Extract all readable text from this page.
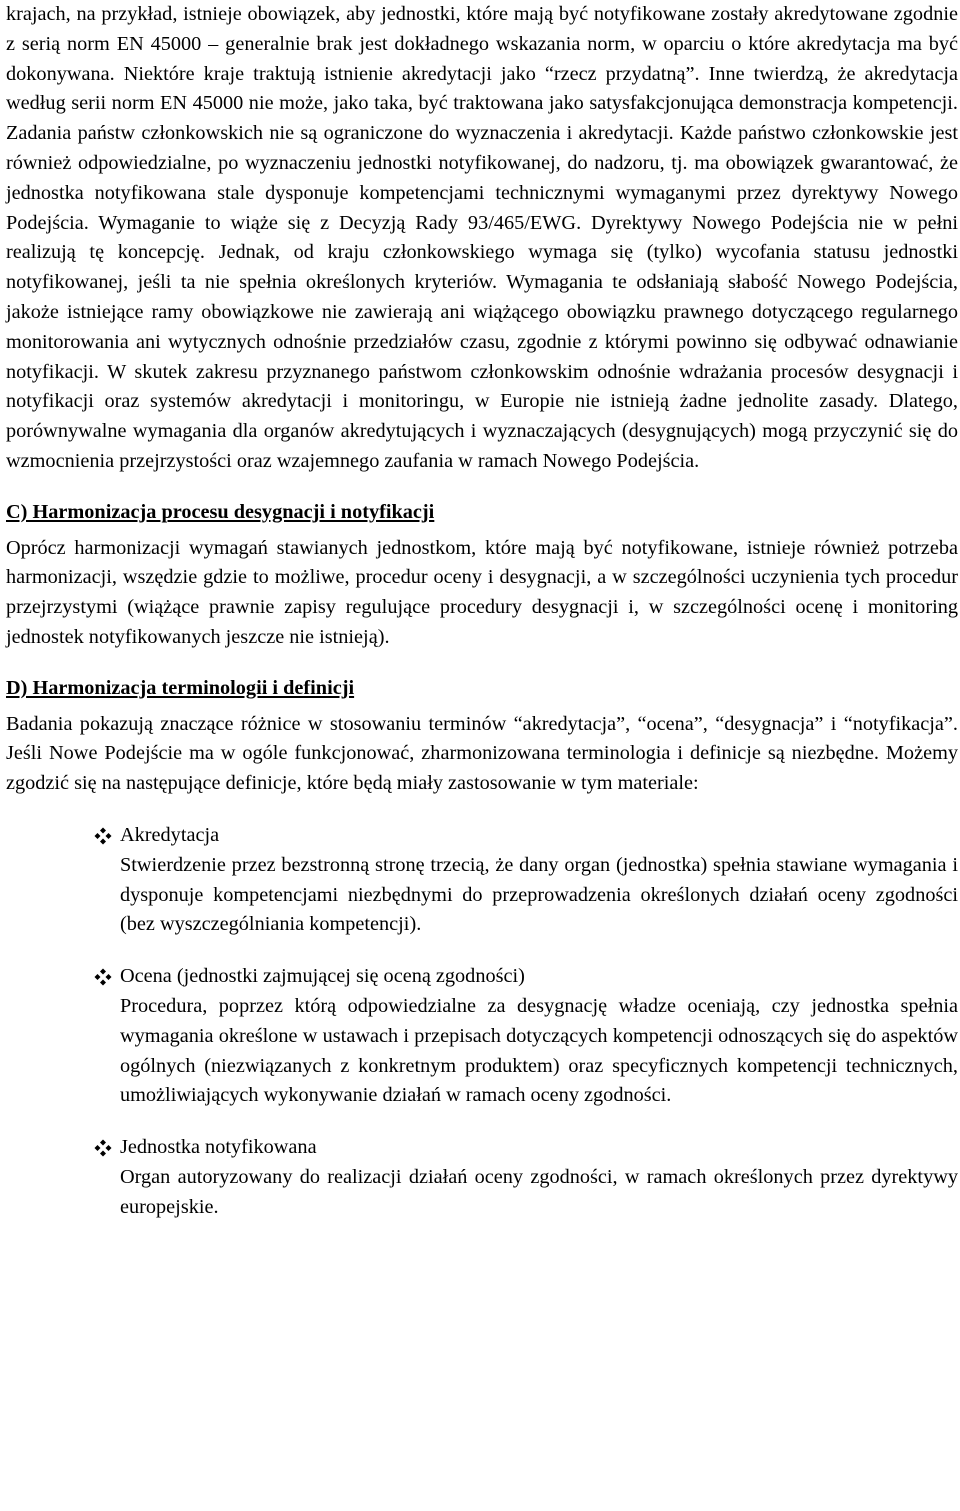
krajach, na przykład, istnieje obowiązek, aby jednostki, które mają być notyfikowane zostały akredytowane zgodnie z serią norm EN 45000 – generalnie brak jest dokładnego wskazania norm, w oparciu o które akredytacja ma być dokonywana. Niektóre kraje traktują istnienie akredytacji jako “rzecz przydatną”. Inne twierdzą, że akredytacja według serii norm EN 45000 nie może, jako taka, być traktowana jako satysfakcjonująca demonstracja kompetencji. Zadania państw członkowskich nie są ograniczone do wyznaczenia i akredytacji. Każde państwo członkowskie jest również odpowiedzialne, po wyznaczeniu jednostki notyfikowanej, do nadzoru, tj. ma obowiązek gwarantować, że jednostka notyfikowana stale dysponuje kompetencjami technicznymi wymaganymi przez dyrektywy Nowego Podejścia. Wymaganie to wiąże się z Decyzją Rady 93/465/EWG. Dyrektywy Nowego Podejścia nie w pełni realizują tę koncepcję. Jednak, od kraju członkowskiego wymaga się (tylko) wycofania statusu jednostki notyfikowanej, jeśli ta nie spełnia określonych kryteriów. Wymagania te odsłaniają słabość Nowego Podejścia, jakoże istniejące ramy obowiązkowe nie zawierają ani wiążącego obowiązku prawnego dotyczącego regularnego monitorowania ani wytycznych odnośnie przedziałów czasu, zgodnie z którymi powinno się odbywać odnawianie notyfikacji. W skutek zakresu przyznanego państwom członkowskim odnośnie wdrażania procesów desygnacji i notyfikacji oraz systemów akredytacji i monitoringu, w Europie nie istnieją żadne jednolite zasady. Dlatego, porównywalne wymagania dla organów akredytujących i wyznaczających (desygnujących) mogą przyczynić się do wzmocnienia przejrzystości oraz wzajemnego zaufania w ramach Nowego Podejścia.

C) Harmonizacja procesu desygnacji i notyfikacji

Oprócz harmonizacji wymagań stawianych jednostkom, które mają być notyfikowane, istnieje również potrzeba harmonizacji, wszędzie gdzie to możliwe, procedur oceny i desygnacji, a w szczególności uczynienia tych procedur przejrzystymi (wiążące prawnie zapisy regulujące procedury desygnacji i, w szczególności ocenę i monitoring jednostek notyfikowanych jeszcze nie istnieją).

D) Harmonizacja terminologii i definicji

Badania pokazują znaczące różnice w stosowaniu terminów “akredytacja”, “ocena”, “desygnacja” i “notyfikacja”. Jeśli Nowe Podejście ma w ogóle funkcjonować, zharmonizowana terminologia i definicje są niezbędne. Możemy zgodzić się na następujące definicje, które będą miały zastosowanie w tym materiale:

Akredytacja

Stwierdzenie przez bezstronną stronę trzecią, że dany organ (jednostka) spełnia stawiane wymagania i dysponuje kompetencjami niezbędnymi do przeprowadzenia określonych działań oceny zgodności (bez wyszczególniania kompetencji).

Ocena (jednostki zajmującej się oceną zgodności)

Procedura, poprzez którą odpowiedzialne za desygnację władze oceniają, czy jednostka spełnia wymagania określone w ustawach i przepisach dotyczących kompetencji odnoszących się do aspektów ogólnych (niezwiązanych z konkretnym produktem) oraz specyficznych kompetencji technicznych, umożliwiających wykonywanie działań w ramach oceny zgodności.

Jednostka notyfikowana

Organ autoryzowany do realizacji działań oceny zgodności, w ramach określonych przez dyrektywy europejskie.
